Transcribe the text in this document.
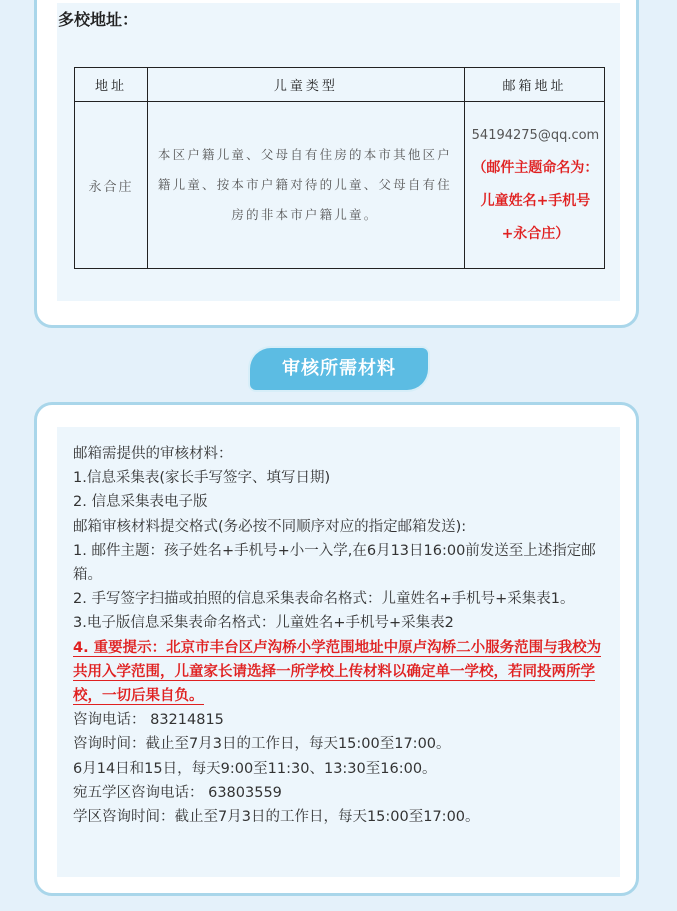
多校地址：
地址	儿童类型	邮箱地址
永合庄	本区户籍儿童、父母自有住房的本市其他区户籍儿童、按本市户籍对待的儿童、父母自有住房的非本市户籍儿童。	54194275@qq.com（邮件主题命名为：儿童姓名+手机号+永合庄）
审核所需材料
邮箱需提供的审核材料：
1.信息采集表(家长手写签字、填写日期)
2. 信息采集表电子版
邮箱审核材料提交格式(务必按不同顺序对应的指定邮箱发送):
1. 邮件主题：孩子姓名+手机号+小一入学,在6月13日16:00前发送至上述指定邮箱。
2. 手写签字扫描或拍照的信息采集表命名格式：儿童姓名+手机号+采集表1。
3.电子版信息采集表命名格式：儿童姓名+手机号+采集表2
4. 重要提示：北京市丰台区卢沟桥小学范围地址中原卢沟桥二小服务范围与我校为共用入学范围，儿童家长请选择一所学校上传材料以确定单一学校，若同投两所学校，一切后果自负。
咨询电话： 83214815
咨询时间：截止至7月3日的工作日，每天15:00至17:00。
6月14日和15日，每天9:00至11:30、13:30至16:00。
宛五学区咨询电话： 63803559
学区咨询时间：截止至7月3日的工作日，每天15:00至17:00。
